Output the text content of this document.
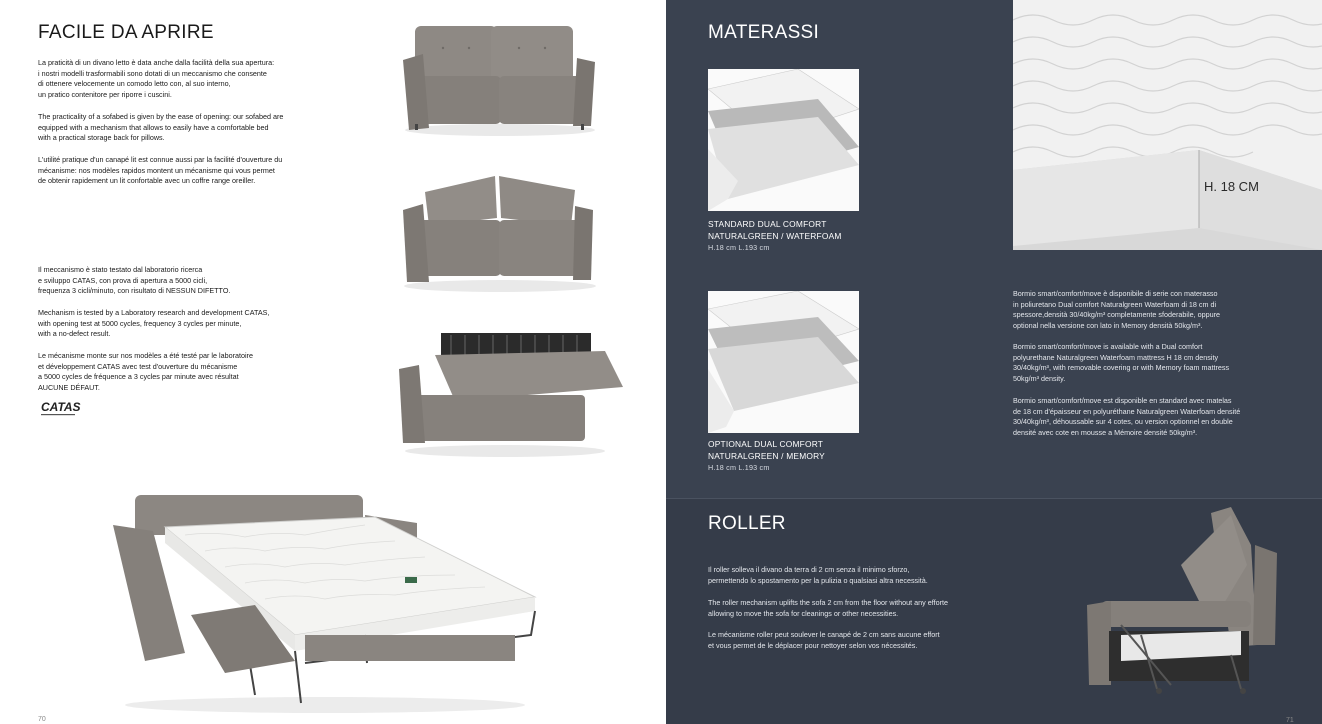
FACILE DA APRIRE
La praticità di un divano letto è data anche dalla facilità della sua apertura:
i nostri modelli trasformabili sono dotati di un meccanismo che consente
di ottenere velocemente un comodo letto con, al suo interno,
un pratico contenitore per riporre i cuscini.
The practicality of a sofabed is given by the ease of opening: our sofabed are
equipped with a mechanism that allows to easily have a comfortable bed
with a practical storage back for pillows.
L'utilité pratique d'un canapé lit est connue aussi par la facilité d'ouverture du
mécanisme: nos modèles rapidos montent un mécanisme qui vous permet
de obtenir rapidement un lit confortable avec un coffre range oreiller.
Il meccanismo è stato testato dal laboratorio ricerca
e sviluppo CATAS, con prova di apertura a 5000 cicli,
frequenza 3 cicli/minuto, con risultato di NESSUN DIFETTO.
Mechanism is tested by a Laboratory research and development CATAS,
with opening test at 5000 cycles, frequency 3 cycles per minute,
with a no-defect result.
Le mécanisme monte sur nos modèles a été testé par le laboratoire
et développement CATAS avec test d'ouverture du mécanisme
a 5000 cycles de fréquence a 3 cycles par minute avec résultat
AUCUNE DÉFAUT.
CATAS
70
MATERASSI
H. 18 CM
STANDARD DUAL COMFORT
NATURALGREEN / WATERFOAM
H.18 cm L.193 cm
OPTIONAL DUAL COMFORT
NATURALGREEN / MEMORY
H.18 cm L.193 cm
Bormio smart/comfort/move è disponibile di serie con materasso
in poliuretano Dual comfort Naturalgreen Waterfoam di 18 cm di
spessore,densità 30/40kg/m³ completamente sfoderabile, oppure
optional nella versione con lato in Memory densità 50kg/m³.
Bormio smart/comfort/move is available with a Dual comfort
polyurethane Naturalgreen Waterfoam mattress H 18 cm density
30/40kg/m³, with removable covering or with Memory foam mattress
50kg/m³ density.
Bormio smart/comfort/move est disponible en standard avec matelas
de 18 cm d'épaisseur en polyuréthane Naturalgreen Waterfoam densité
30/40kg/m³, déhoussable sur 4 cotes, ou version optionnel en double
densité avec cote en mousse a Mémoire densité 50kg/m³.
ROLLER
Il roller solleva il divano da terra di 2 cm senza il minimo sforzo,
permettendo lo spostamento per la pulizia o qualsiasi altra necessità.
The roller mechanism uplifts the sofa 2 cm from the floor without any efforte
allowing to move the sofa for cleanings or other necessities.
Le mécanisme roller peut soulever le canapé de 2 cm sans aucune effort
et vous permet de le déplacer pour nettoyer selon vos nécessités.
71
